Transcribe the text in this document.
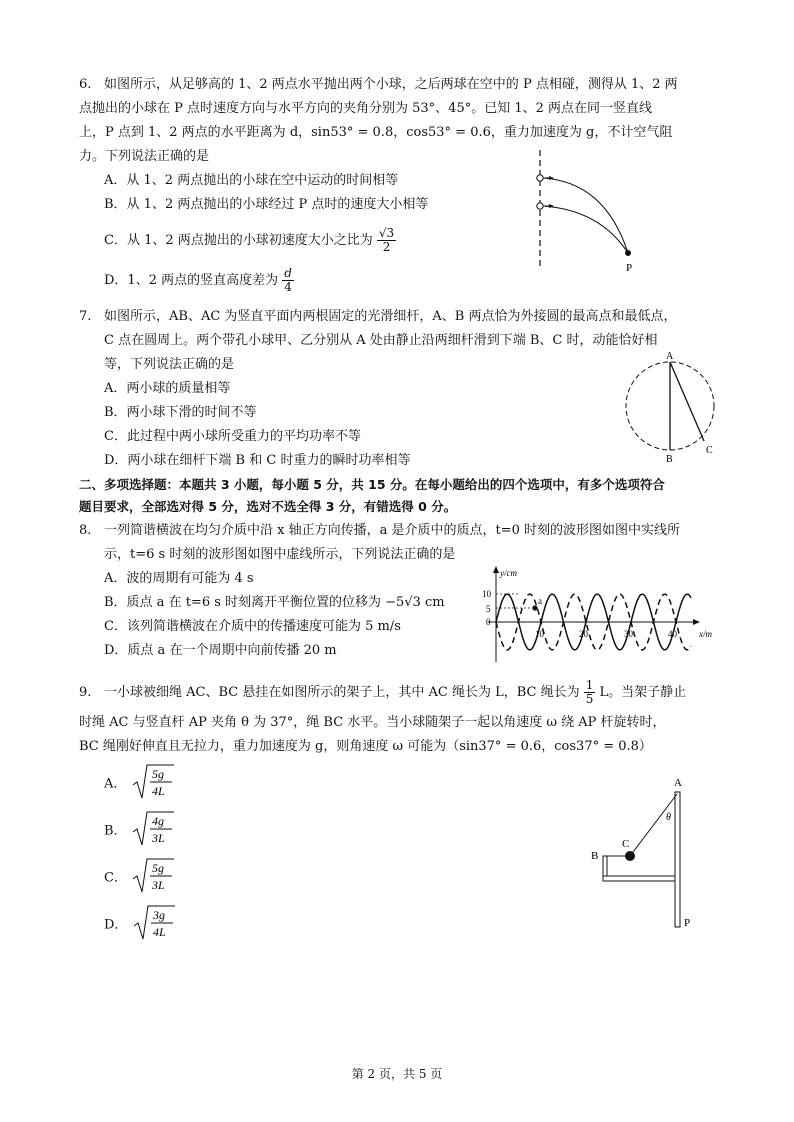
6. 如图所示，从足够高的 1、2 两点水平抛出两个小球，之后两球在空中的 P 点相碰，测得从 1、2 两
点抛出的小球在 P 点时速度方向与水平方向的夹角分别为 53°、45°。已知 1、2 两点在同一竖直线
上，P 点到 1、2 两点的水平距离为 d，sin53° = 0.8，cos53° = 0.6，重力加速度为 g，不计空气阻
力。下列说法正确的是
A．从 1、2 两点抛出的小球在空中运动的时间相等
B．从 1、2 两点抛出的小球经过 P 点时的速度大小相等
C．从 1、2 两点抛出的小球初速度大小之比为 $\frac{√3}{2}$
D．1、2 两点的竖直高度差为 $\frac{d}{4}$	P
7. 如图所示，AB、AC 为竖直平面内两根固定的光滑细杆，A、B 两点恰为外接圆的最高点和最低点，
C 点在圆周上。两个带孔小球甲、乙分别从 A 处由静止沿两细杆滑到下端 B、C 时，动能恰好相
等，下列说法正确的是
A．两小球的质量相等
B．两小球下滑的时间不等
C．此过程中两小球所受重力的平均功率不等
D．两小球在细杆下端 B 和 C 时重力的瞬时功率相等
A
B
C
二、多项选择题：本题共 3 小题，每小题 5 分，共 15 分。在每小题给出的四个选项中，有多个选项符合
题目要求，全部选对得 5 分，选对不选全得 3 分，有错选得 0 分。
8. 一列简谐横波在均匀介质中沿 x 轴正方向传播，a 是介质中的质点，t=0 时刻的波形图如图中实线所
示，t=6 s 时刻的波形图如图中虚线所示，下列说法正确的是
A．波的周期有可能为 4 s
B．质点 a 在 t=6 s 时刻离开平衡位置的位移为 −5√3 cm
C．该列简谐横波在介质中的传播速度可能为 5 m/s
D．质点 a 在一个周期中向前传播 20 m
y/cm
x/m
10
5
0
a
10	20	30	40
9. 一小球被细绳 AC、BC 悬挂在如图所示的架子上，其中 AC 绳长为 L，BC 绳长为 $\frac{1}{5}$ L。当架子静止
时绳 AC 与竖直杆 AP 夹角 θ 为 37°，绳 BC 水平。当小球随架子一起以角速度 ω 绕 AP 杆旋转时，
BC 绳刚好伸直且无拉力，重力加速度为 g，则角速度 ω 可能为（sin37° = 0.6，cos37° = 0.8）
A．
5g
4L
B．
4g
3L
C．
5g
3L
D．
3g
4L
A
B
C
P
θ
第 2 页，共 5 页
